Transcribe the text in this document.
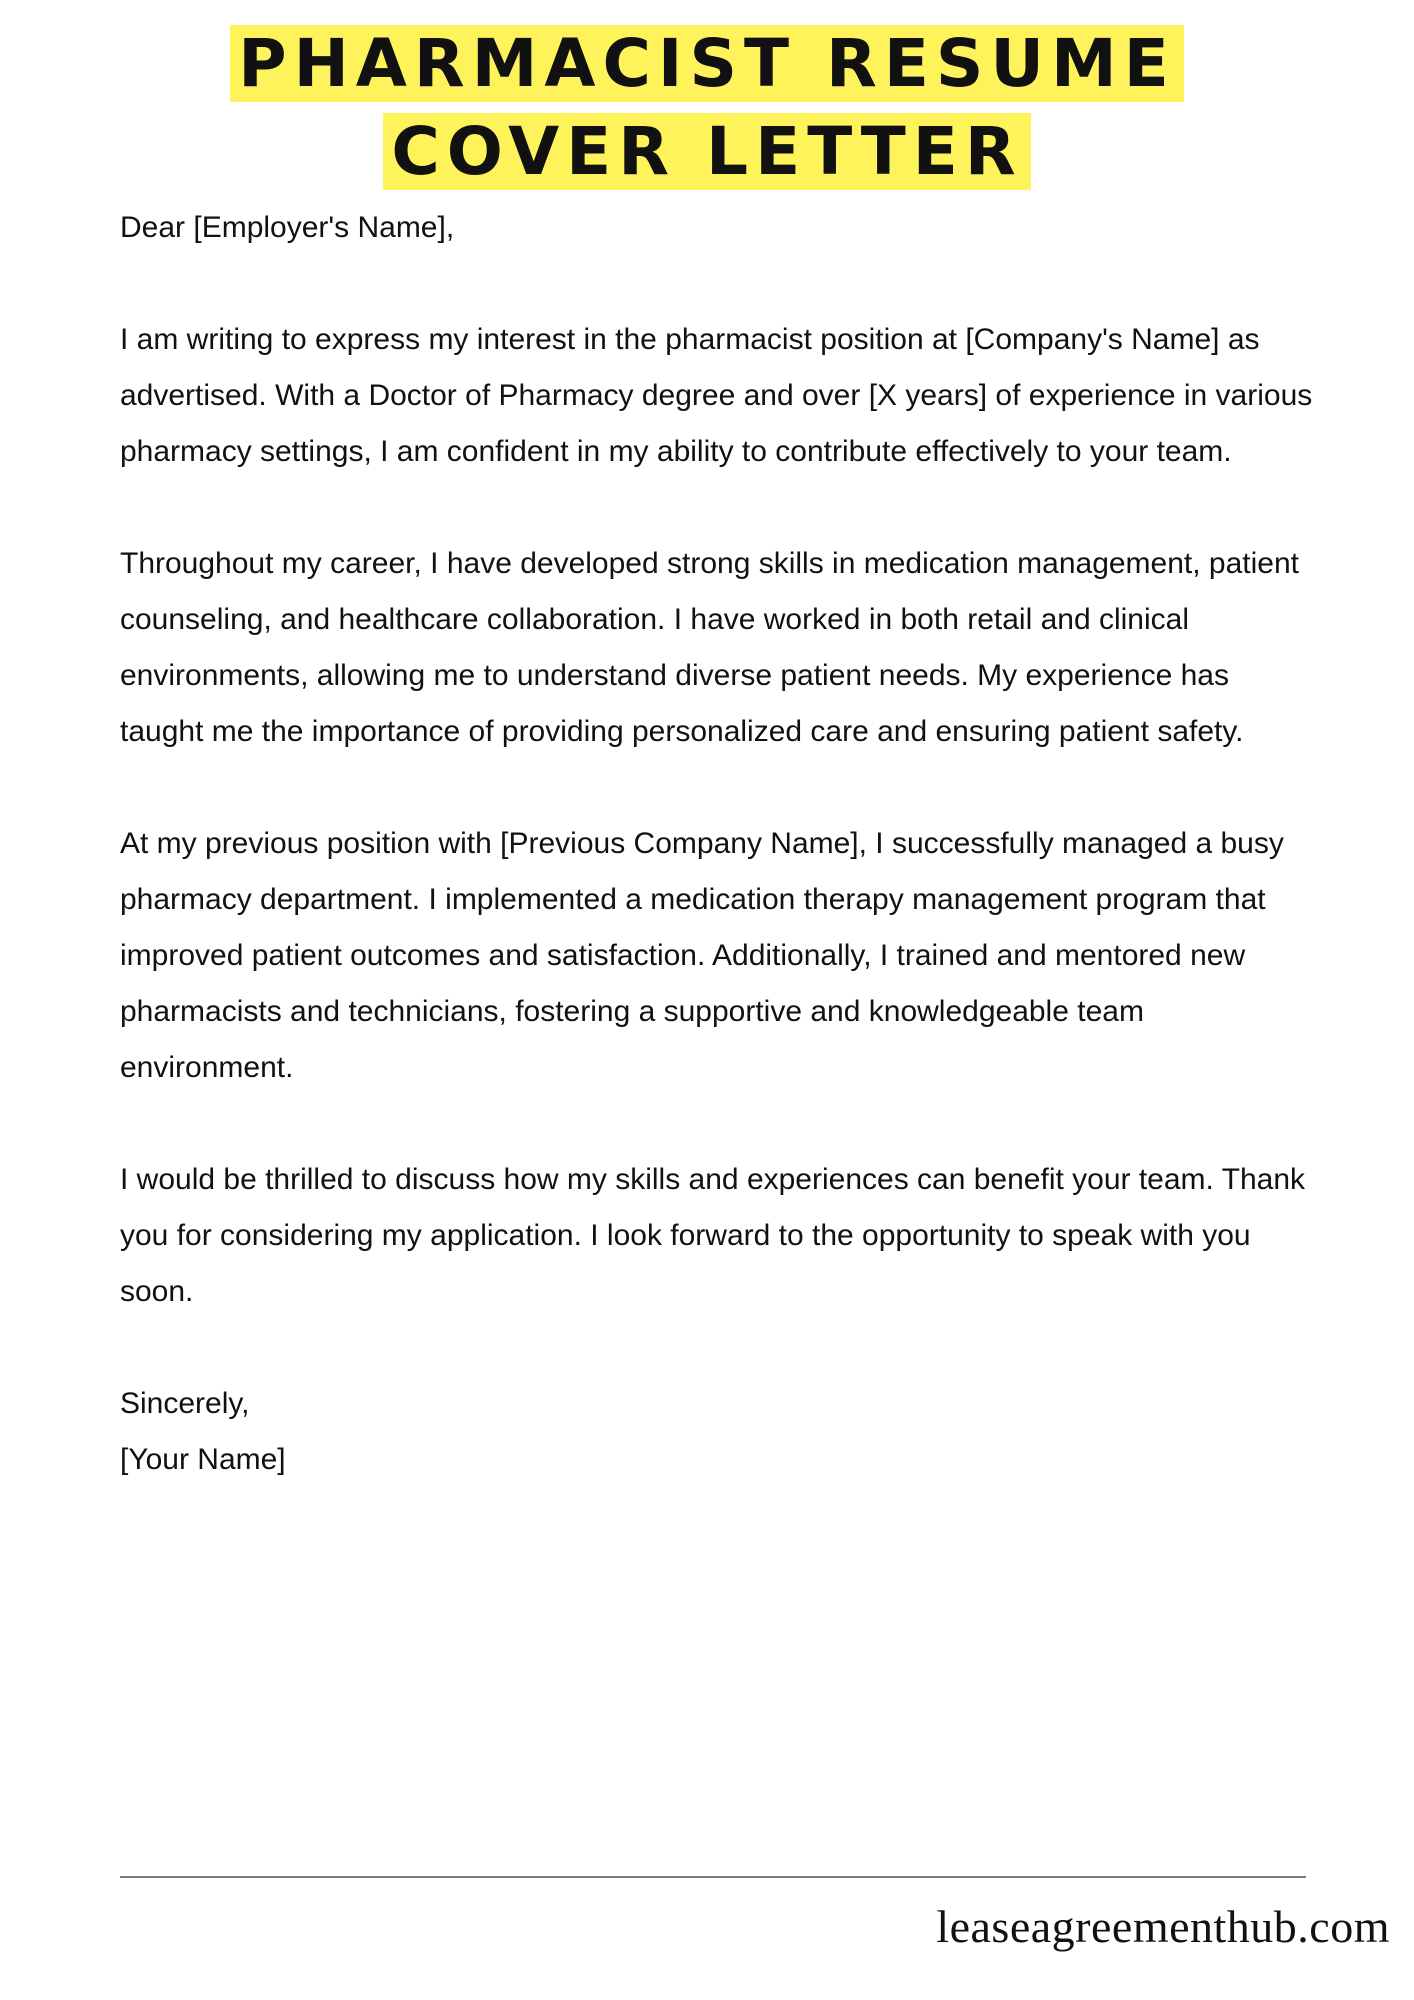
PHARMACIST RESUME COVER LETTER

Dear [Employer's Name],

I am writing to express my interest in the pharmacist position at [Company's Name] as advertised. With a Doctor of Pharmacy degree and over [X years] of experience in various pharmacy settings, I am confident in my ability to contribute effectively to your team.

Throughout my career, I have developed strong skills in medication management, patient counseling, and healthcare collaboration. I have worked in both retail and clinical environments, allowing me to understand diverse patient needs. My experience has taught me the importance of providing personalized care and ensuring patient safety.

At my previous position with [Previous Company Name], I successfully managed a busy pharmacy department. I implemented a medication therapy management program that improved patient outcomes and satisfaction. Additionally, I trained and mentored new pharmacists and technicians, fostering a supportive and knowledgeable team environment.

I would be thrilled to discuss how my skills and experiences can benefit your team. Thank you for considering my application. I look forward to the opportunity to speak with you soon.

Sincerely,

[Your Name]

leaseagreementhub.com
